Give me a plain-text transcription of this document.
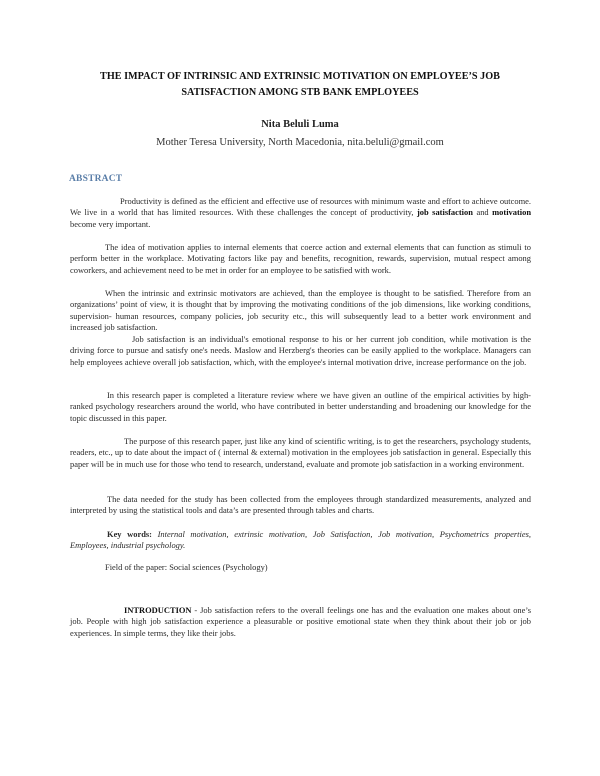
THE IMPACT OF INTRINSIC AND EXTRINSIC MOTIVATION ON EMPLOYEE’S JOB
SATISFACTION AMONG STB BANK EMPLOYEES
Nita Beluli Luma
Mother Teresa University, North Macedonia, nita.beluli@gmail.com
ABSTRACT

Productivity is defined as the efficient and effective use of resources with minimum waste and effort to achieve outcome. We live in a world that has limited resources. With these challenges the concept of productivity, job satisfaction and motivation become very important.

The idea of motivation applies to internal elements that coerce action and external elements that can function as stimuli to perform better in the workplace. Motivating factors like pay and benefits, recognition, rewards, supervision, mutual respect among coworkers, and achievement need to be met in order for an employee to be satisfied with work.

When the intrinsic and extrinsic motivators are achieved, than the employee is thought to be satisfied. Therefore from an organizations’ point of view, it is thought that by improving the motivating conditions of the job dimensions, like working conditions, supervision- human resources, company policies, job security etc., this will subsequently lead to a better work environment and increased job satisfaction.

Job satisfaction is an individual's emotional response to his or her current job condition, while motivation is the driving force to pursue and satisfy one's needs. Maslow and Herzberg's theories can be easily applied to the workplace. Managers can help employees achieve overall job satisfaction, which, with the employee's internal motivation drive, increase performance on the job.

In this research paper is completed a literature review where we have given an outline of the empirical activities by high-ranked psychology researchers around the world, who have contributed in better understanding and broadening our knowledge for the topic discussed in this paper.

The purpose of this research paper, just like any kind of scientific writing, is to get the researchers, psychology students, readers, etc., up to date about the impact of ( internal & external) motivation in the employees job satisfaction in general. Especially this paper will be in much use for those who tend to research, understand, evaluate and promote job satisfaction in a working environment.

The data needed for the study has been collected from the employees through standardized measurements, analyzed and interpreted by using the statistical tools and data’s are presented through tables and charts.

Key words: Internal motivation, extrinsic motivation, Job Satisfaction, Job motivation, Psychometrics properties, Employees, industrial psychology.

Field of the paper: Social sciences (Psychology)

INTRODUCTION - Job satisfaction refers to the overall feelings one has and the evaluation one makes about one’s job. People with high job satisfaction experience a pleasurable or positive emotional state when they think about their job or job experiences. In simple terms, they like their jobs.
